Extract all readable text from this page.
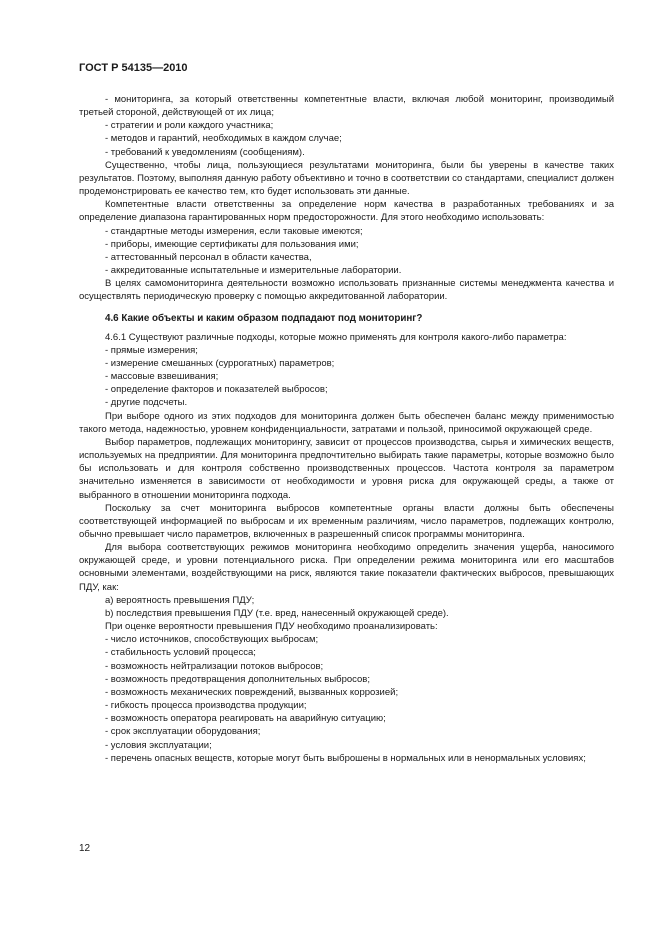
ГОСТ Р 54135—2010

- мониторинга, за который ответственны компетентные власти, включая любой мониторинг, производимый третьей стороной, действующей от их лица;

- стратегии и роли каждого участника;

- методов и гарантий, необходимых в каждом случае;

- требований к уведомлениям (сообщениям).

Существенно, чтобы лица, пользующиеся результатами мониторинга, были бы уверены в качестве таких результатов. Поэтому, выполняя данную работу объективно и точно в соответствии со стандартами, специалист должен продемонстрировать ее качество тем, кто будет использовать эти данные.

Компетентные власти ответственны за определение норм качества в разработанных требованиях и за определение диапазона гарантированных норм предосторожности. Для этого необходимо использовать:

- стандартные методы измерения, если таковые имеются;

- приборы, имеющие сертификаты для пользования ими;

- аттестованный персонал в области качества,

- аккредитованные испытательные и измерительные лаборатории.

В целях самомониторинга деятельности возможно использовать признанные системы менеджмента качества и осуществлять периодическую проверку с помощью аккредитованной лаборатории.

4.6 Какие объекты и каким образом подпадают под мониторинг?

4.6.1 Существуют различные подходы, которые можно применять для контроля какого-либо параметра:

- прямые измерения;

- измерение смешанных (суррогатных) параметров;

- массовые взвешивания;

- определение факторов и показателей выбросов;

- другие подсчеты.

При выборе одного из этих подходов для мониторинга должен быть обеспечен баланс между применимостью такого метода, надежностью, уровнем конфиденциальности, затратами и пользой, приносимой окружающей среде.

Выбор параметров, подлежащих мониторингу, зависит от процессов производства, сырья и химических веществ, используемых на предприятии. Для мониторинга предпочтительно выбирать такие параметры, которые возможно было бы использовать и для контроля собственно производственных процессов. Частота контроля за параметром значительно изменяется в зависимости от необходимости и уровня риска для окружающей среды, а также от выбранного в отношении мониторинга подхода.

Поскольку за счет мониторинга выбросов компетентные органы власти должны быть обеспечены соответствующей информацией по выбросам и их временным различиям, число параметров, подлежащих контролю, обычно превышает число параметров, включенных в разрешенный список программы мониторинга.

Для выбора соответствующих режимов мониторинга необходимо определить значения ущерба, наносимого окружающей среде, и уровни потенциального риска. При определении режима мониторинга или его масштабов основными элементами, воздействующими на риск, являются такие показатели фактических выбросов, превышающих ПДУ, как:

a) вероятность превышения ПДУ;

b) последствия превышения ПДУ (т.е. вред, нанесенный окружающей среде).

При оценке вероятности превышения ПДУ необходимо проанализировать:

- число источников, способствующих выбросам;

- стабильность условий процесса;

- возможность нейтрализации потоков выбросов;

- возможность предотвращения дополнительных выбросов;

- возможность механических повреждений, вызванных коррозией;

- гибкость процесса производства продукции;

- возможность оператора реагировать на аварийную ситуацию;

- срок эксплуатации оборудования;

- условия эксплуатации;

- перечень опасных веществ, которые могут быть выброшены в нормальных или в ненормальных условиях;

12
